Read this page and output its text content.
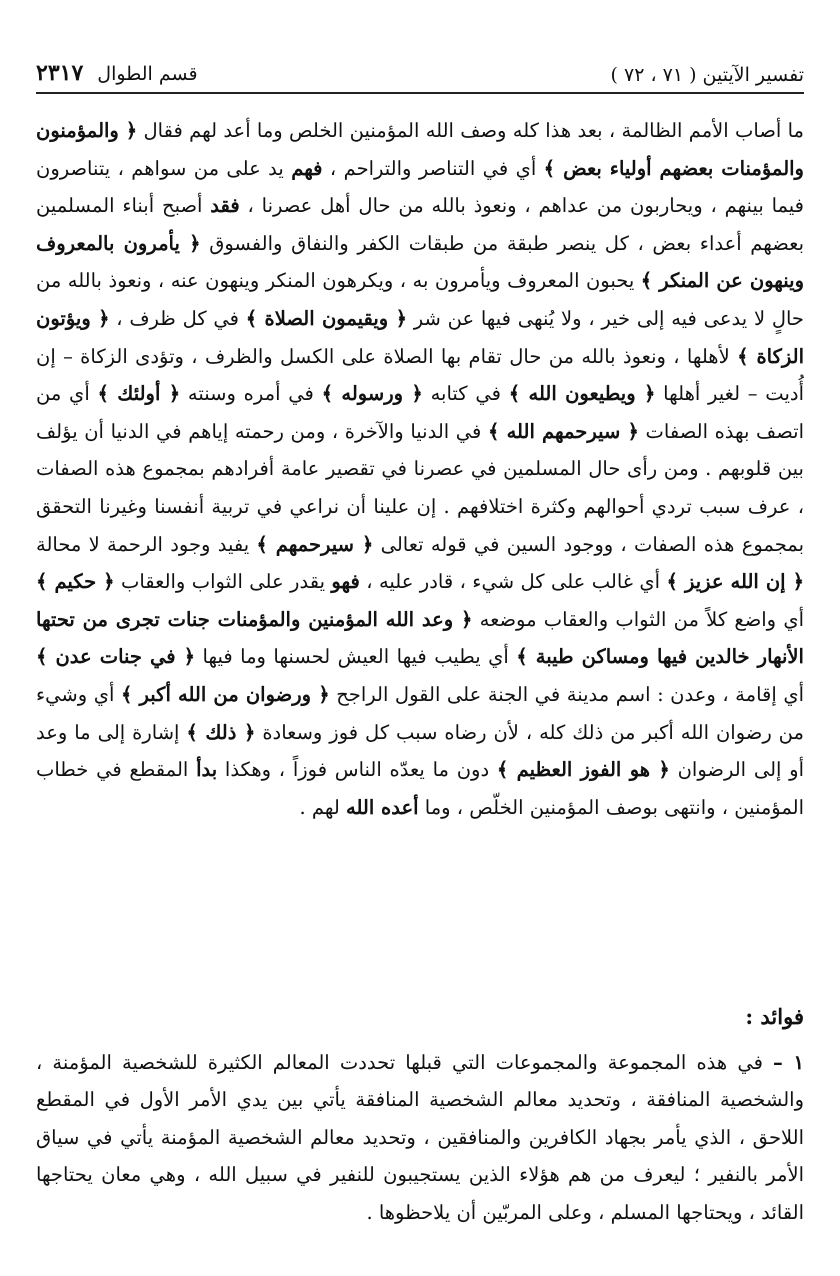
تفسير الآيتين ( ٧١ ، ٧٢ )
قسم الطوال
٢٣١٧

ما أصاب الأمم الظالمة ، بعد هذا كله وصف الله المؤمنين الخلص وما أعد لهم فقال ﴿ والمؤمنون والمؤمنات بعضهم أولياء بعض ﴾ أي في التناصر والتراحم ، فهم يد على من سواهم ، يتناصرون فيما بينهم ، ويحاربون من عداهم ، ونعوذ بالله من حال أهل عصرنا ، فقد أصبح أبناء المسلمين بعضهم أعداء بعض ، كل ينصر طبقة من طبقات الكفر والنفاق والفسوق ﴿ يأمرون بالمعروف وينهون عن المنكر ﴾ يحبون المعروف ويأمرون به ، ويكرهون المنكر وينهون عنه ، ونعوذ بالله من حالٍ لا يدعى فيه إلى خير ، ولا يُنهى فيها عن شر ﴿ ويقيمون الصلاة ﴾ في كل ظرف ، ﴿ ويؤتون الزكاة ﴾ لأهلها ، ونعوذ بالله من حال تقام بها الصلاة على الكسل والظرف ، وتؤدى الزكاة – إن أُديت – لغير أهلها ﴿ ويطيعون الله ﴾ في كتابه ﴿ ورسوله ﴾ في أمره وسنته ﴿ أولئك ﴾ أي من اتصف بهذه الصفات ﴿ سيرحمهم الله ﴾ في الدنيا والآخرة ، ومن رحمته إياهم في الدنيا أن يؤلف بين قلوبهم . ومن رأى حال المسلمين في عصرنا في تقصير عامة أفرادهم بمجموع هذه الصفات ، عرف سبب تردي أحوالهم وكثرة اختلافهم . إن علينا أن نراعي في تربية أنفسنا وغيرنا التحقق بمجموع هذه الصفات ، ووجود السين في قوله تعالى ﴿ سيرحمهم ﴾ يفيد وجود الرحمة لا محالة ﴿ إن الله عزيز ﴾ أي غالب على كل شيء ، قادر عليه ، فهو يقدر على الثواب والعقاب ﴿ حكيم ﴾ أي واضع كلاً من الثواب والعقاب موضعه ﴿ وعد الله المؤمنين والمؤمنات جنات تجرى من تحتها الأنهار خالدين فيها ومساكن طيبة ﴾ أي يطيب فيها العيش لحسنها وما فيها ﴿ في جنات عدن ﴾ أي إقامة ، وعدن : اسم مدينة في الجنة على القول الراجح ﴿ ورضوان من الله أكبر ﴾ أي وشيء من رضوان الله أكبر من ذلك كله ، لأن رضاه سبب كل فوز وسعادة ﴿ ذلك ﴾ إشارة إلى ما وعد أو إلى الرضوان ﴿ هو الفوز العظيم ﴾ دون ما يعدّه الناس فوزاً ، وهكذا بدأ المقطع في خطاب المؤمنين ، وانتهى بوصف المؤمنين الخلّص ، وما أعده الله لهم .

فوائد :

١ – في هذه المجموعة والمجموعات التي قبلها تحددت المعالم الكثيرة للشخصية المؤمنة ، والشخصية المنافقة ، وتحديد معالم الشخصية المنافقة يأتي بين يدي الأمر الأول في المقطع اللاحق ، الذي يأمر بجهاد الكافرين والمنافقين ، وتحديد معالم الشخصية المؤمنة يأتي في سياق الأمر بالنفير ؛ ليعرف من هم هؤلاء الذين يستجيبون للنفير في سبيل الله ، وهي معان يحتاجها القائد ، ويحتاجها المسلم ، وعلى المربّين أن يلاحظوها .
